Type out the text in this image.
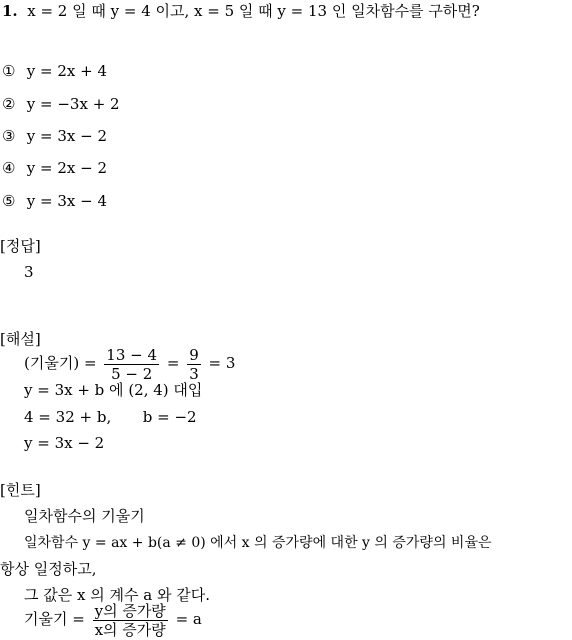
1. x = 2 일 때 y = 4 이고, x = 5 일 때 y = 13 인 일차함수를 구하면?
① y = 2x + 4
② y = −3x + 2
③ y = 3x − 2
④ y = 2x − 2
⑤ y = 3x − 4
[정답]
3
[해설]
(기울기) = $\frac{13 - 4}{5 - 2} = \frac{9}{3} = 3$
y = 3x + b 에 (2, 4) 대입
4 = 32 + b, b = −2
y = 3x − 2
[힌트]
일차함수의 기울기
일차함수 y = ax + b(a ≠ 0) 에서 x 의 증가량에 대한 y 의 증가량의 비율은
항상 일정하고,
그 값은 x 의 계수 a 와 같다.
기울기 = $\frac{\text{y의 증가량}}{\text{x의 증가량}} = a$
